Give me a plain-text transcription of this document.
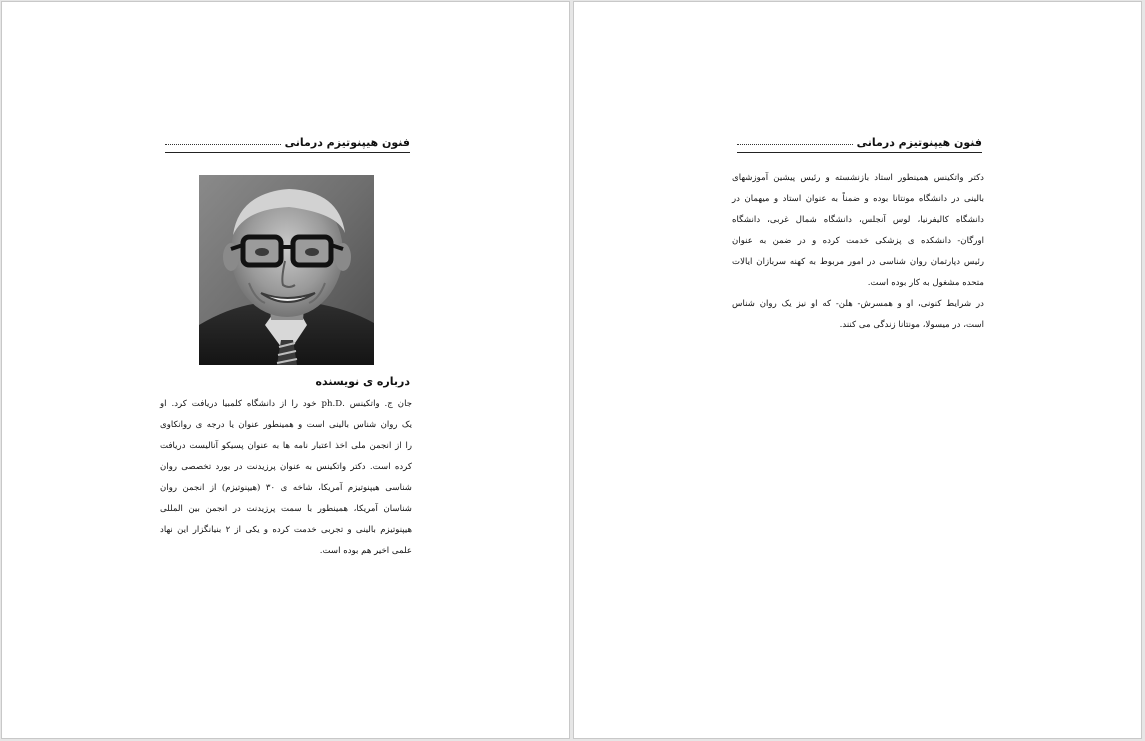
فنون هیپنوتیزم درمانی
درباره ی نویسنده
جان ج. واتکینس .ph.D خود را از دانشگاه کلمبیا دریافت کرد. او
یک روان شناس بالینی است و همینطور عنوان یا درجه ی روانکاوی
را از انجمن ملی اخذ اعتبار نامه ها به عنوان پسیکو آنالیست دریافت
کرده است. دکتر واتکینس به عنوان پرزیدنت در بورد تخصصی روان
شناسی هیپنوتیزم آمریکا، شاخه ی ۳۰ (هیپنوتیزم) از انجمن روان
شناسان آمریکا، همینطور با سمت پرزیدنت در انجمن بین المللی
هیپنوتیزم بالینی و تجربی خدمت کرده و یکی از ۲ بنیانگزار این نهاد
علمی اخیر هم بوده است.
فنون هیپنوتیزم درمانی
دکتر واتکینس همینطور استاد بازنشسته و رئیس پیشین آموزشهای
بالینی در دانشگاه مونتانا بوده و ضمناً به عنوان استاد و میهمان در
دانشگاه کالیفرنیا، لوس آنجلس، دانشگاه شمال غربی، دانشگاه
اورگان- دانشکده ی پزشکی خدمت کرده و در ضمن به عنوان
رئیس دپارتمان روان شناسی در امور مربوط به کهنه سربازان ایالات
متحده مشغول به کار بوده است.
در شرایط کنونی، او و همسرش- هلن- که او نیز یک روان شناس
است، در میسولا، مونتانا زندگی می کنند.
